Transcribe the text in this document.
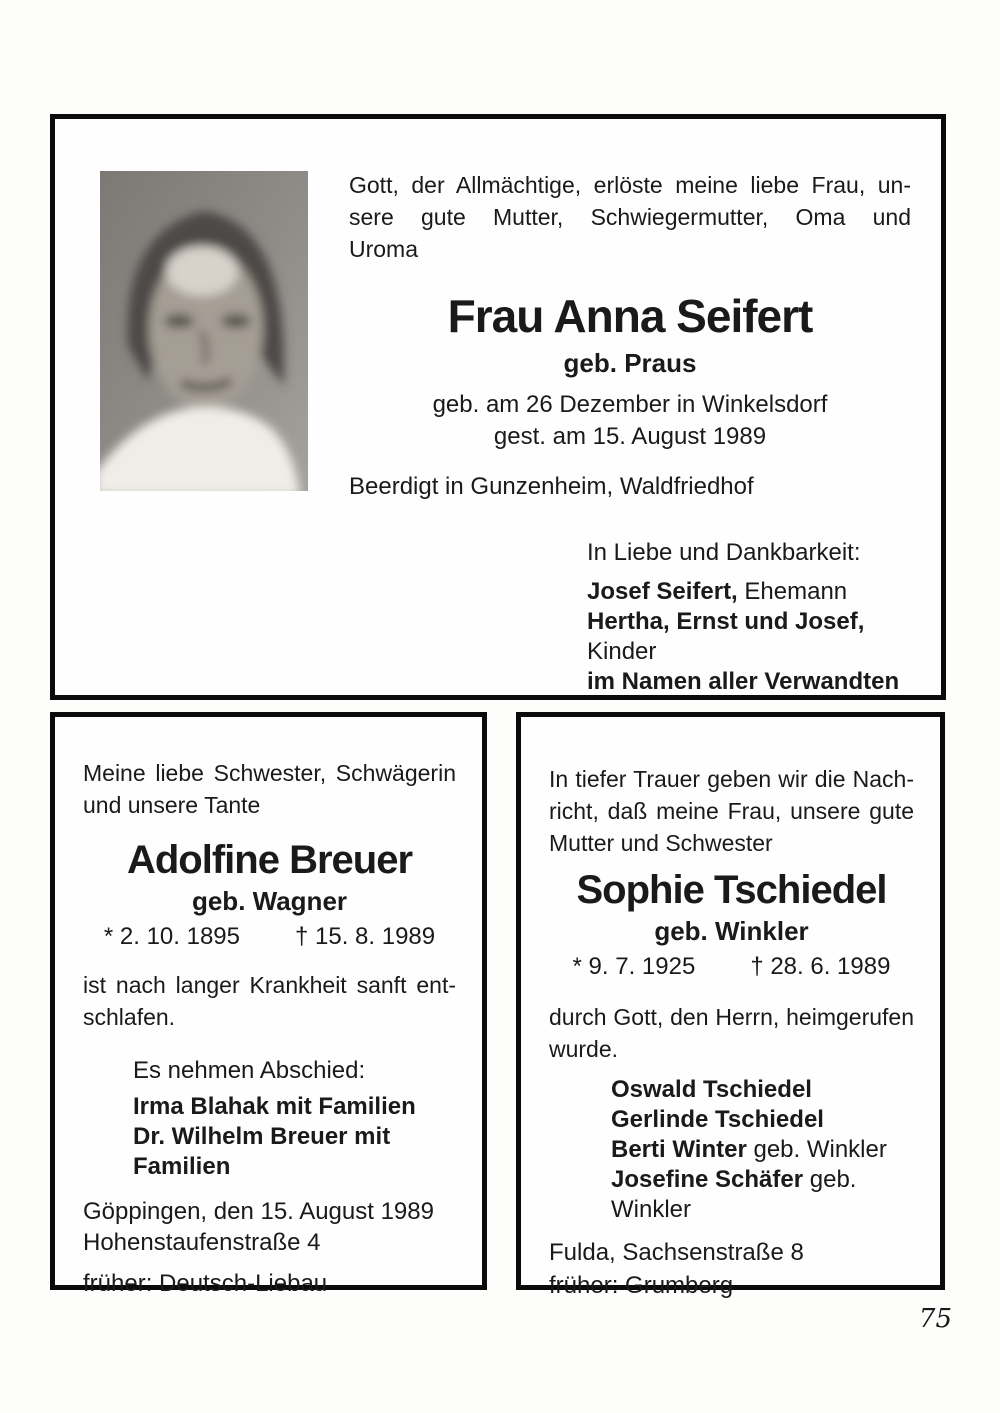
Gott, der Allmächtige, erlöste meine liebe Frau, un-

sere gute Mutter, Schwiegermutter, Oma und

Uroma

Frau Anna Seifert
geb. Praus
geb. am 26 Dezember in Winkelsdorf
gest. am 15. August 1989
Beerdigt in Gunzenheim, Waldfriedhof
In Liebe und Dankbarkeit:
Josef Seifert, Ehemann
Hertha, Ernst und Josef, Kinder
im Namen aller Verwandten

Meine liebe Schwester, Schwägerin

und unsere Tante

Adolfine Breuer
geb. Wagner
* 2. 10. 1895 † 15. 8. 1989

ist nach langer Krankheit sanft ent-

schlafen.

Es nehmen Abschied:
Irma Blahak mit Familien
Dr. Wilhelm Breuer mit Familien
Göppingen, den 15. August 1989
Hohenstaufenstraße 4
früher: Deutsch-Liebau

In tiefer Trauer geben wir die Nach-

richt, daß meine Frau, unsere gute

Mutter und Schwester

Sophie Tschiedel
geb. Winkler
* 9. 7. 1925 † 28. 6. 1989

durch Gott, den Herrn, heimgerufen

wurde.

Oswald Tschiedel
Gerlinde Tschiedel
Berti Winter geb. Winkler
Josefine Schäfer geb. Winkler
Fulda, Sachsenstraße 8
früher: Grumberg
75
